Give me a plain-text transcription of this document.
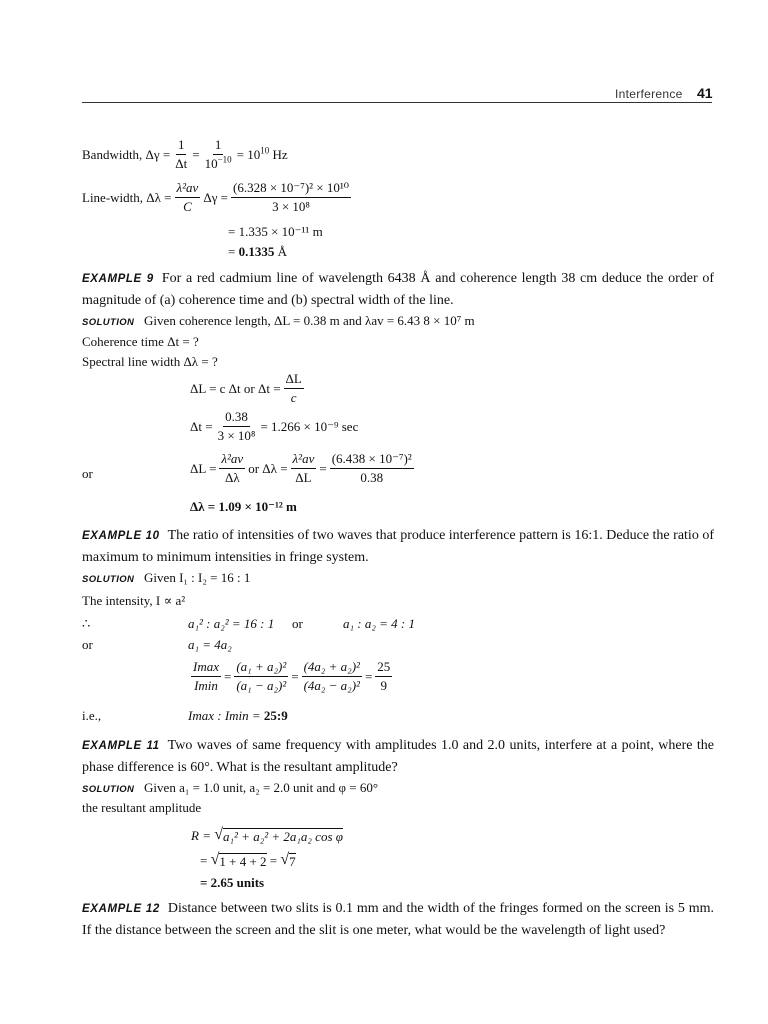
Interference 41
Bandwidth, $\Delta\gamma = \frac{1}{\Delta t} = \frac{1}{10^{-10}} = 10^{10}$ Hz
Line-width, $\Delta\lambda = \frac{\text{λ²av}}{C}$ $\Delta\gamma = \frac{\text{(6.328 × 10⁻⁷)² × 10¹⁰}}{\text{3 × 10⁸}}$
= 1.335 × 10⁻¹¹ m
= 0.1335 Å
EXAMPLE 9 For a red cadmium line of wavelength 6438 Å and coherence length 38 cm deduce the order of magnitude of (a) coherence time and (b) spectral width of the line.
SOLUTION Given coherence length, ΔL = 0.38 m and λav = 6.43 8 × 10⁷ m
Coherence time Δt = ?
Spectral line width Δλ = ?
ΔL = c Δt or $\Delta t = \frac{\Delta L}{c}$
$\Delta t = \frac{0.38}{\text{3 × 10⁸}} = 1.266 \times 10^{-9}$ sec
or	$\Delta L = \frac{\text{λ²av}}{\Delta\lambda}$ or $\Delta\lambda = \frac{\text{λ²av}}{\Delta L} = \frac{\text{(6.438 × 10⁻⁷)²}}{0.38}$
Δλ = 1.09 × 10⁻¹² m
EXAMPLE 10 The ratio of intensities of two waves that produce interference pattern is 16:1. Deduce the ratio of maximum to minimum intensities in fringe system.
SOLUTION Given I₁ : I₂ = 16 : 1
The intensity, I ∝ a²
∴	a₁² : a₂² = 16 : 1 or	a₁ : a₂ = 4 : 1
or	a₁ = 4a₂
$\frac{Imax}{Imin} = \frac{\text{(a₁ + a₂)²}}{\text{(a₁ − a₂)²}} = \frac{\text{(4a₂ + a₂)²}}{\text{(4a₂ − a₂)²}} = \frac{25}{9}$
i.e.,	Imax : Imin = 25:9
EXAMPLE 11 Two waves of same frequency with amplitudes 1.0 and 2.0 units, interfere at a point, where the phase difference is 60°. What is the resultant amplitude?
SOLUTION Given a₁ = 1.0 unit, a₂ = 2.0 unit and φ = 60°
the resultant amplitude
R =
√ a₁² + a₂² + 2a₁a₂ cos φ
=
√ 1 + 4 + 2
=
√ 7
= 2.65 units
EXAMPLE 12 Distance between two slits is 0.1 mm and the width of the fringes formed on the screen is 5 mm. If the distance between the screen and the slit is one meter, what would be the wavelength of light used?
